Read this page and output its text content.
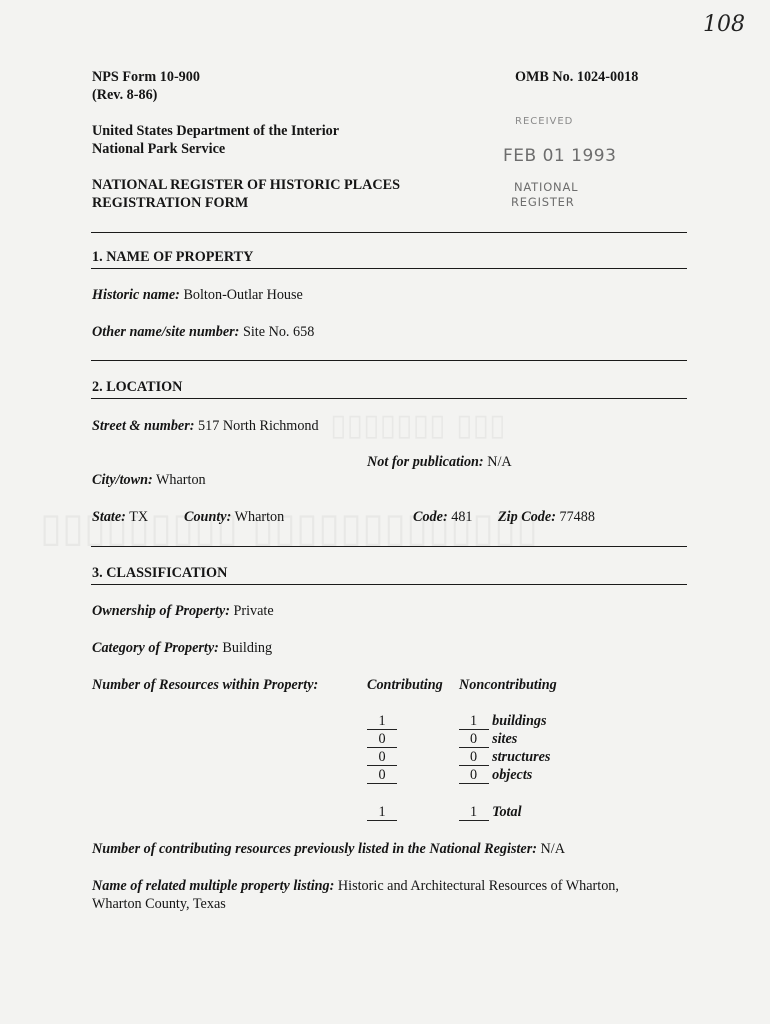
108
NPS Form 10-900
(Rev. 8-86)
OMB No. 1024-0018
United States Department of the Interior
National Park Service
NATIONAL REGISTER OF HISTORIC PLACES
REGISTRATION FORM
RECEIVED
FEB 01 1993
NATIONAL
REGISTER
1. NAME OF PROPERTY
Historic name: Bolton-Outlar House
Other name/site number: Site No. 658
2. LOCATION
Street & number: 517 North Richmond
Not for publication: N/A
City/town: Wharton
State: TX	County: Wharton	Code: 481 Zip Code: 77488
3. CLASSIFICATION
Ownership of Property: Private
Category of Property: Building
Number of Resources within Property:	Contributing Noncontributing
1	1 buildings
0	0 sites
0	0 structures
0	0 objects
1	1 Total
Number of contributing resources previously listed in the National Register: N/A
Name of related multiple property listing: Historic and Architectural Resources of Wharton,
Wharton County, Texas
